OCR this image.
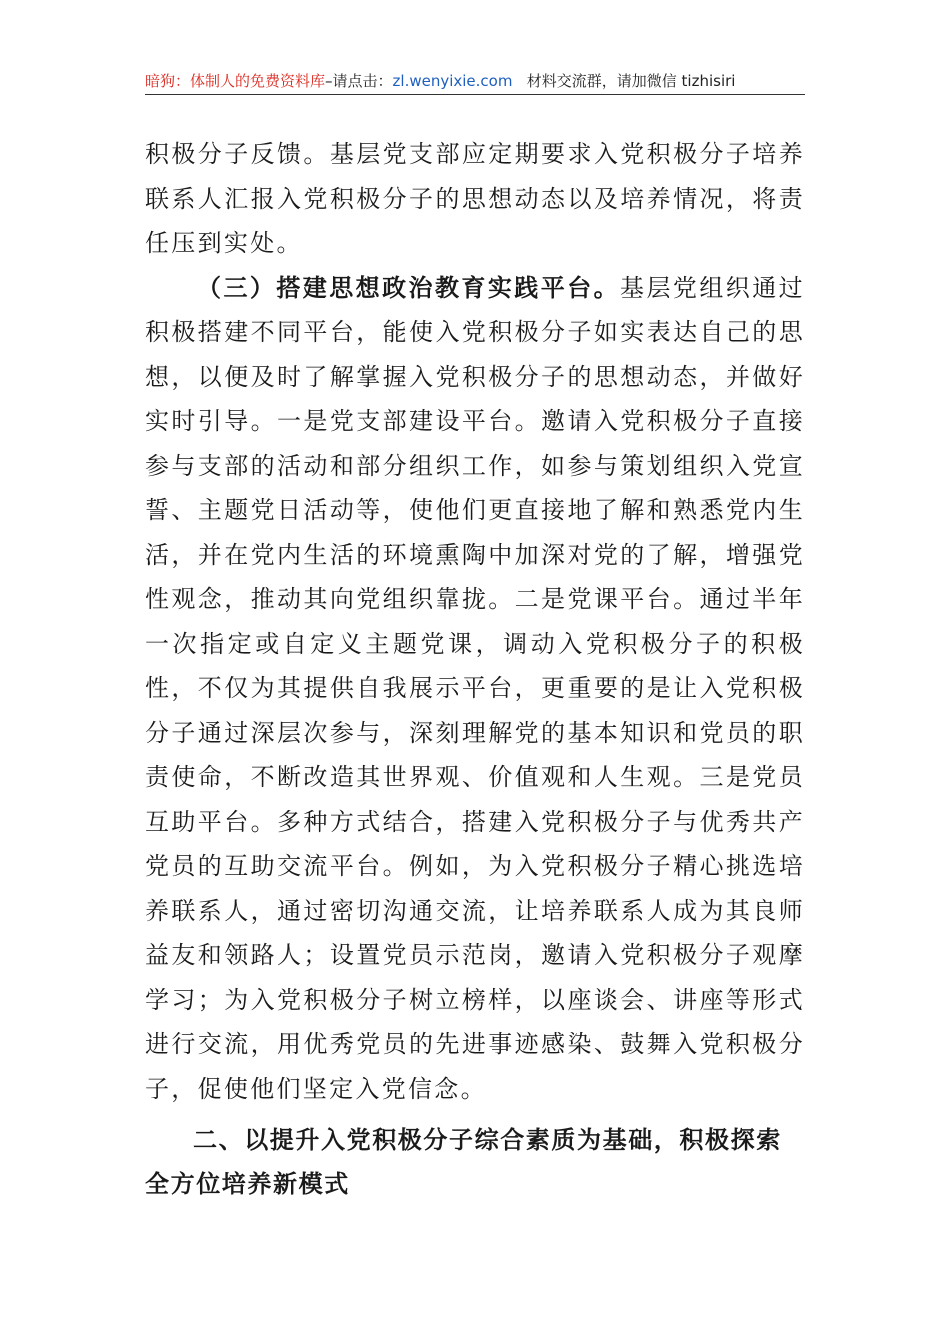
暗狗：体制人的免费资料库–请点击：zl.wenyixie.com 材料交流群，请加微信 tizhisiri

积极分子反馈。基层党支部应定期要求入党积极分子培养联系人汇报入党积极分子的思想动态以及培养情况，将责任压到实处。

（三）搭建思想政治教育实践平台。基层党组织通过积极搭建不同平台，能使入党积极分子如实表达自己的思想，以便及时了解掌握入党积极分子的思想动态，并做好实时引导。一是党支部建设平台。邀请入党积极分子直接参与支部的活动和部分组织工作，如参与策划组织入党宣誓、主题党日活动等，使他们更直接地了解和熟悉党内生活，并在党内生活的环境熏陶中加深对党的了解，增强党性观念，推动其向党组织靠拢。二是党课平台。通过半年一次指定或自定义主题党课，调动入党积极分子的积极性，不仅为其提供自我展示平台，更重要的是让入党积极分子通过深层次参与，深刻理解党的基本知识和党员的职责使命，不断改造其世界观、价值观和人生观。三是党员互助平台。多种方式结合，搭建入党积极分子与优秀共产党员的互助交流平台。例如，为入党积极分子精心挑选培养联系人，通过密切沟通交流，让培养联系人成为其良师益友和领路人；设置党员示范岗，邀请入党积极分子观摩学习；为入党积极分子树立榜样，以座谈会、讲座等形式进行交流，用优秀党员的先进事迹感染、鼓舞入党积极分子，促使他们坚定入党信念。

二、以提升入党积极分子综合素质为基础，积极探索全方位培养新模式
